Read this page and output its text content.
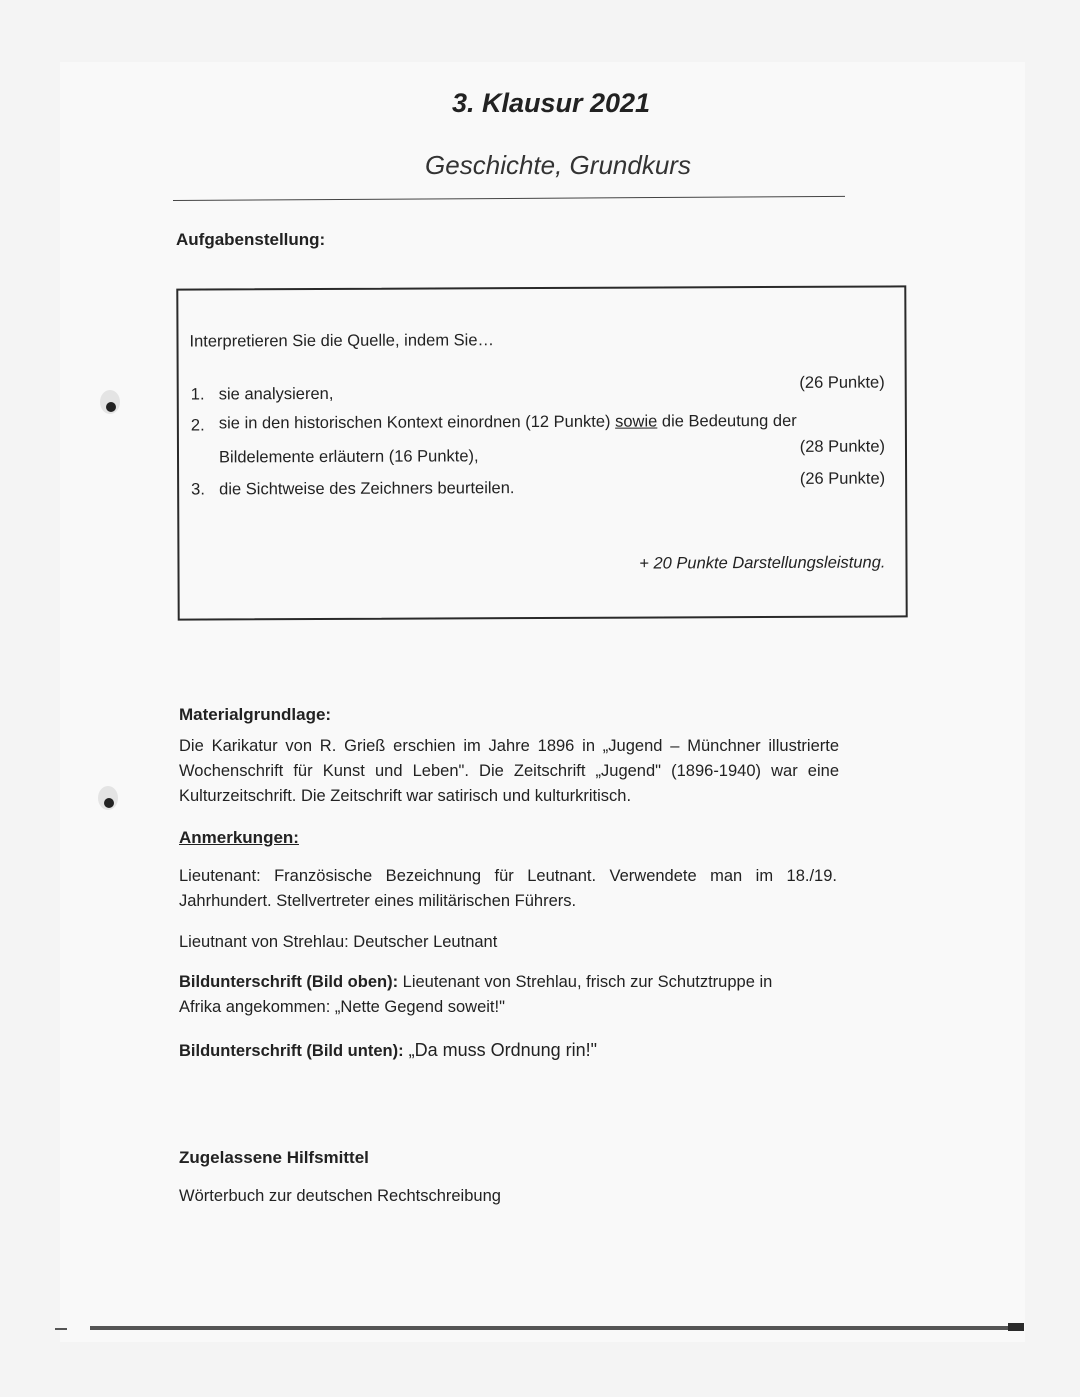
3. Klausur 2021
Geschichte, Grundkurs
Aufgabenstellung:
Interpretieren Sie die Quelle, indem Sie…
1. sie analysieren,
(26 Punkte)
2. sie in den historischen Kontext einordnen (12 Punkte) sowie die Bedeutung der
Bildelemente erläutern (16 Punkte),
(28 Punkte)
3. die Sichtweise des Zeichners beurteilen.
(26 Punkte)
+ 20 Punkte Darstellungsleistung.
Materialgrundlage:
Die Karikatur von R. Grieß erschien im Jahre 1896 in „Jugend – Münchner illustrierte Wochenschrift für Kunst und Leben". Die Zeitschrift „Jugend" (1896-1940) war eine Kulturzeitschrift. Die Zeitschrift war satirisch und kulturkritisch.
Anmerkungen:
Lieutenant: Französische Bezeichnung für Leutnant. Verwendete man im 18./19. Jahrhundert. Stellvertreter eines militärischen Führers.
Lieutnant von Strehlau: Deutscher Leutnant
Bildunterschrift (Bild oben): Lieutenant von Strehlau, frisch zur Schutztruppe in Afrika angekommen: „Nette Gegend soweit!"
Bildunterschrift (Bild unten): „Da muss Ordnung rin!"
Zugelassene Hilfsmittel
Wörterbuch zur deutschen Rechtschreibung
